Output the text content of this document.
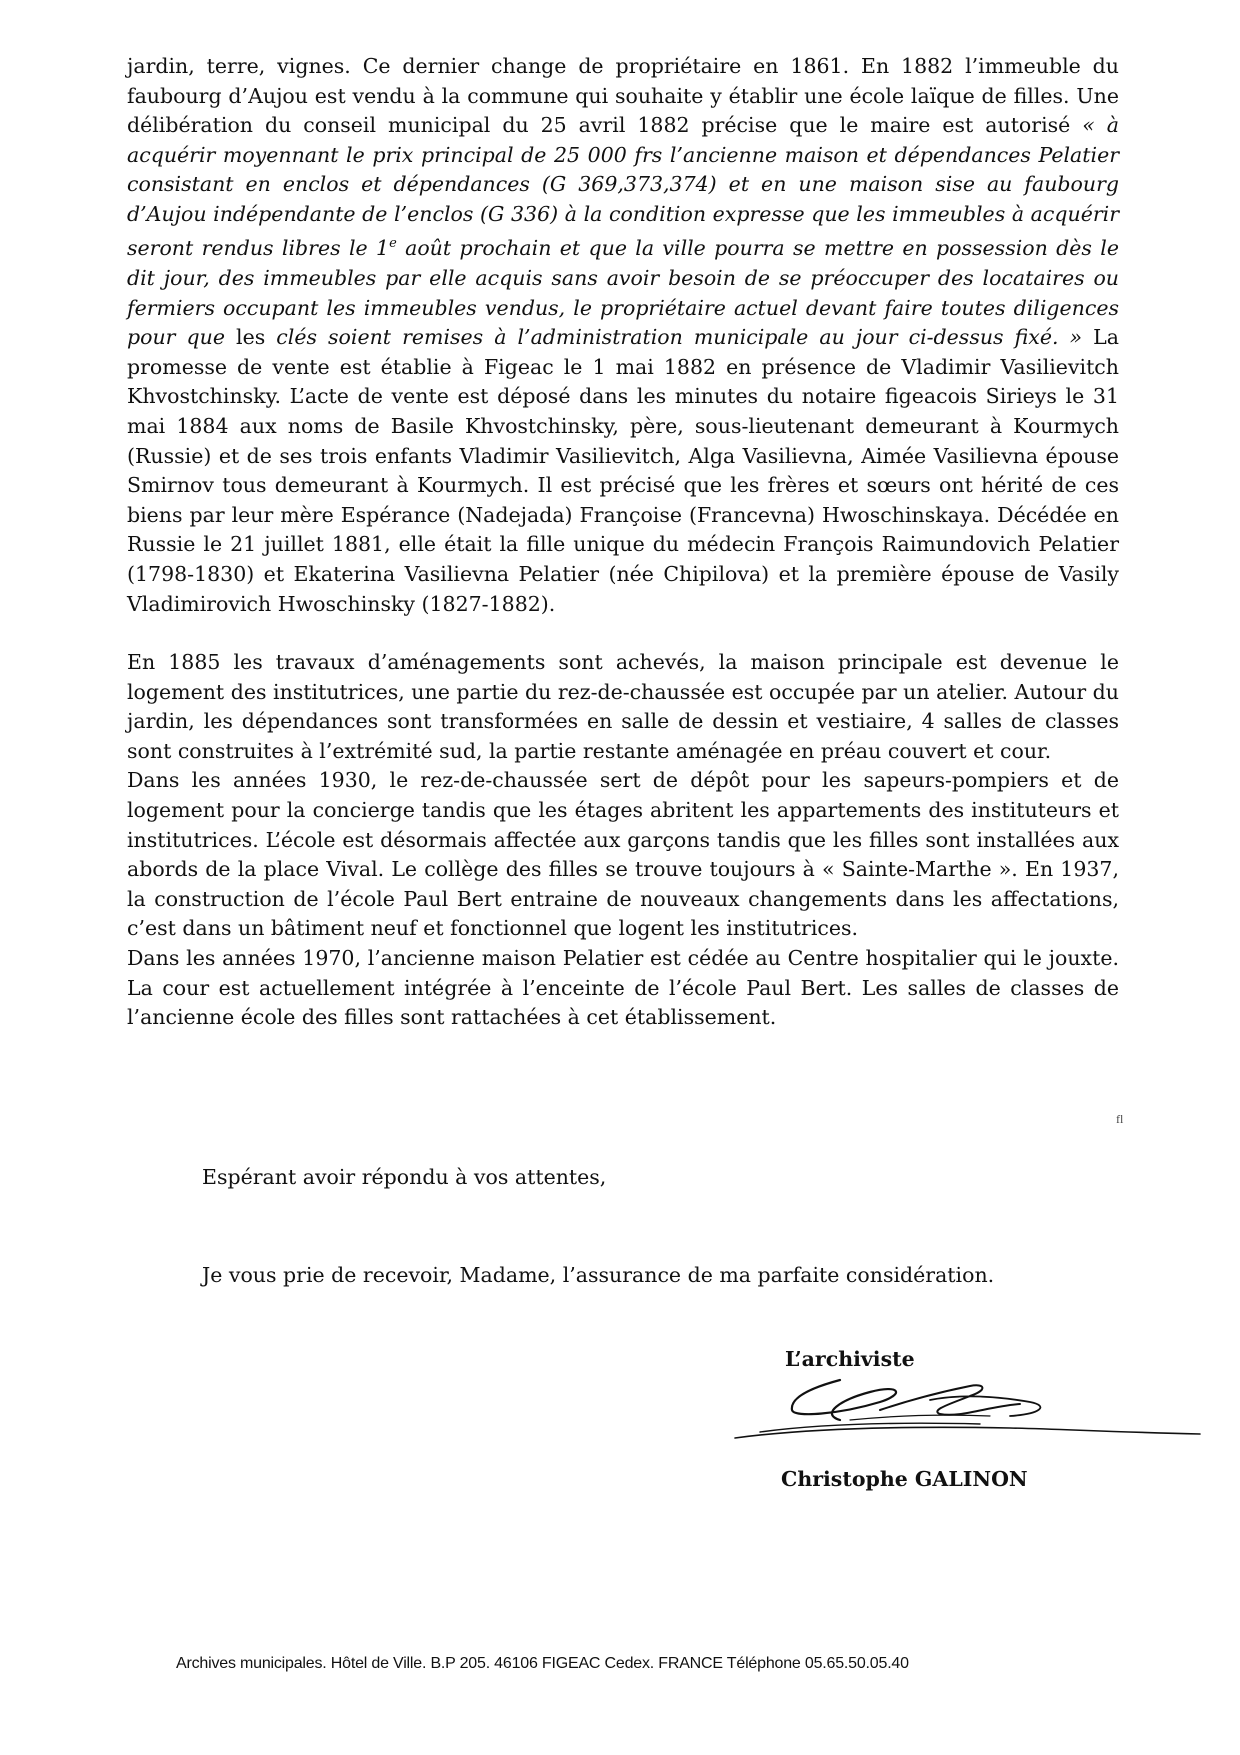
jardin, terre, vignes. Ce dernier change de propriétaire en 1861. En 1882 l’immeuble du faubourg d’Aujou est vendu à la commune qui souhaite y établir une école laïque de filles. Une délibération du conseil municipal du 25 avril 1882 précise que le maire est autorisé « à acquérir moyennant le prix principal de 25 000 frs l’ancienne maison et dépendances Pelatier consistant en enclos et dépendances (G 369,373,374) et en une maison sise au faubourg d’Aujou indépendante de l’enclos (G 336) à la condition expresse que les immeubles à acquérir seront rendus libres le 1e août prochain et que la ville pourra se mettre en possession dès le dit jour, des immeubles par elle acquis sans avoir besoin de se préoccuper des locataires ou fermiers occupant les immeubles vendus, le propriétaire actuel devant faire toutes diligences pour que les clés soient remises à l’administration municipale au jour ci-dessus fixé. » La promesse de vente est établie à Figeac le 1 mai 1882 en présence de Vladimir Vasilievitch Khvostchinsky. L’acte de vente est déposé dans les minutes du notaire figeacois Sirieys le 31 mai 1884 aux noms de Basile Khvostchinsky, père, sous-lieutenant demeurant à Kourmych (Russie) et de ses trois enfants Vladimir Vasilievitch, Alga Vasilievna, Aimée Vasilievna épouse Smirnov tous demeurant à Kourmych. Il est précisé que les frères et sœurs ont hérité de ces biens par leur mère Espérance (Nadejada) Françoise (Francevna) Hwoschinskaya. Décédée en Russie le 21 juillet 1881, elle était la fille unique du médecin François Raimundovich Pelatier (1798-1830) et Ekaterina Vasilievna Pelatier (née Chipilova) et la première épouse de Vasily Vladimirovich Hwoschinsky (1827-1882).

En 1885 les travaux d’aménagements sont achevés, la maison principale est devenue le logement des institutrices, une partie du rez-de-chaussée est occupée par un atelier. Autour du jardin, les dépendances sont transformées en salle de dessin et vestiaire, 4 salles de classes sont construites à l’extrémité sud, la partie restante aménagée en préau couvert et cour.

Dans les années 1930, le rez-de-chaussée sert de dépôt pour les sapeurs-pompiers et de logement pour la concierge tandis que les étages abritent les appartements des instituteurs et institutrices. L’école est désormais affectée aux garçons tandis que les filles sont installées aux abords de la place Vival. Le collège des filles se trouve toujours à « Sainte-Marthe ». En 1937, la construction de l’école Paul Bert entraine de nouveaux changements dans les affectations, c’est dans un bâtiment neuf et fonctionnel que logent les institutrices.

Dans les années 1970, l’ancienne maison Pelatier est cédée au Centre hospitalier qui le jouxte. La cour est actuellement intégrée à l’enceinte de l’école Paul Bert. Les salles de classes de l’ancienne école des filles sont rattachées à cet établissement.

fl
Espérant avoir répondu à vos attentes,
Je vous prie de recevoir, Madame, l’assurance de ma parfaite considération.
L’archiviste
Christophe GALINON
Archives municipales. Hôtel de Ville. B.P 205. 46106 FIGEAC Cedex. FRANCE Téléphone 05.65.50.05.40
